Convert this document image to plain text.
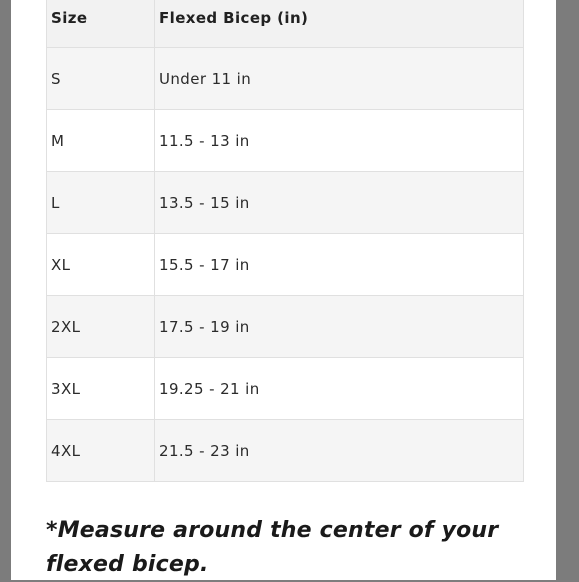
Size	Flexed Bicep (in)
S	Under 11 in
M	11.5 - 13 in
L	13.5 - 15 in
XL	15.5 - 17 in
2XL	17.5 - 19 in
3XL	19.25 - 21 in
4XL	21.5 - 23 in

*Measure around the center of your flexed bicep.
